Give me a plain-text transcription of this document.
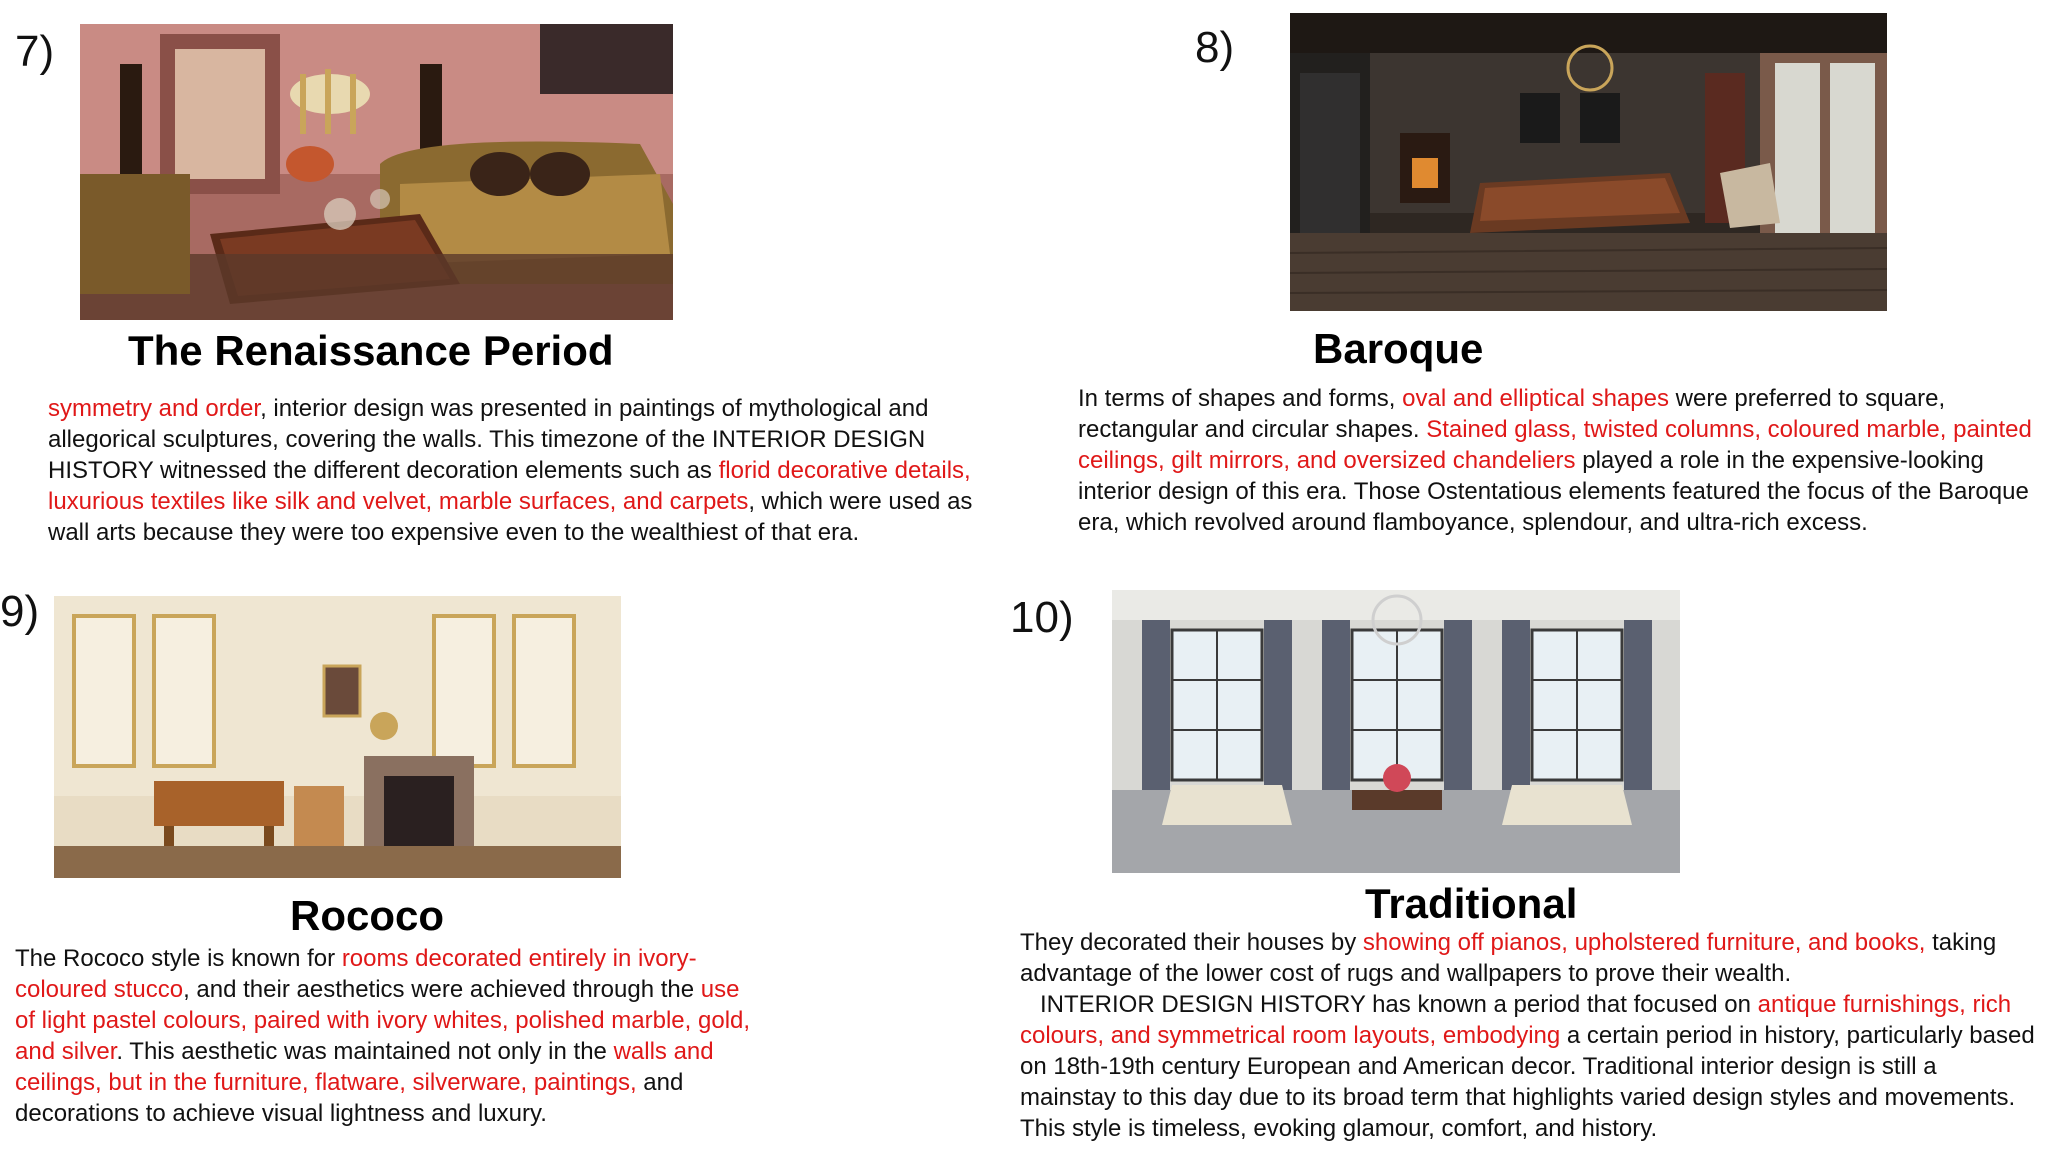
7)
The Renaissance Period

symmetry and order, interior design was presented in paintings of mythological and allegorical sculptures, covering the walls. This timezone of the INTERIOR DESIGN HISTORY witnessed the different decoration elements such as florid decorative details, luxurious textiles like silk and velvet, marble surfaces, and carpets, which were used as wall arts because they were too expensive even to the wealthiest of that era.

8)
Baroque

In terms of shapes and forms, oval and elliptical shapes were preferred to square, rectangular and circular shapes. Stained glass, twisted columns, coloured marble, painted ceilings, gilt mirrors, and oversized chandeliers played a role in the expensive-looking interior design of this era. Those Ostentatious elements featured the focus of the Baroque era, which revolved around flamboyance, splendour, and ultra-rich excess.

9)
Rococo

The Rococo style is known for rooms decorated entirely in ivory-coloured stucco, and their aesthetics were achieved through the use of light pastel colours, paired with ivory whites, polished marble, gold, and silver. This aesthetic was maintained not only in the walls and ceilings, but in the furniture, flatware, silverware, paintings, and decorations to achieve visual lightness and luxury.

10)
Traditional

They decorated their houses by showing off pianos, upholstered furniture, and books, taking advantage of the lower cost of rugs and wallpapers to prove their wealth.
INTERIOR DESIGN HISTORY has known a period that focused on antique furnishings, rich colours, and symmetrical room layouts, embodying a certain period in history, particularly based on 18th-19th century European and American decor. Traditional interior design is still a mainstay to this day due to its broad term that highlights varied design styles and movements. This style is timeless, evoking glamour, comfort, and history.
